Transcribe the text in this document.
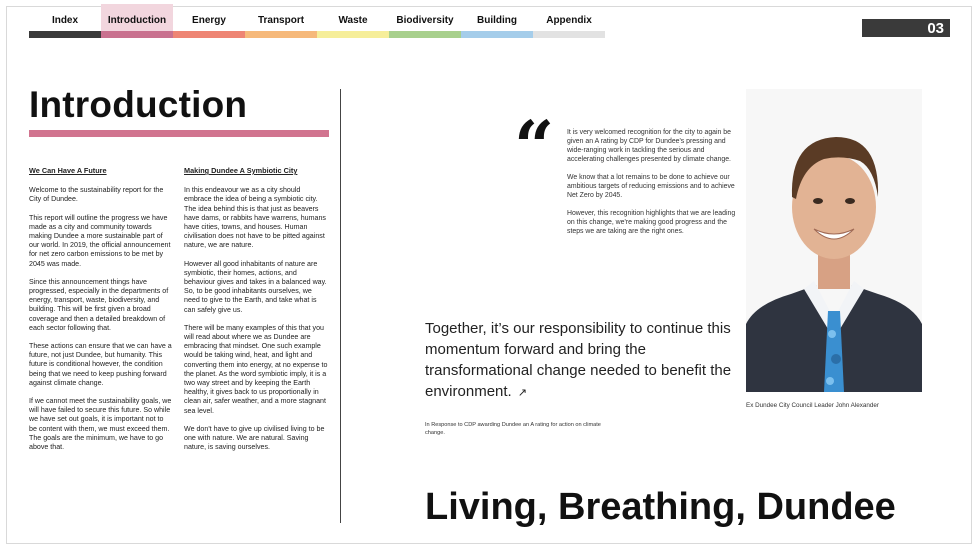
Index	Introduction	Energy	Transport	Waste	Biodiversity	Building	Appendix	03
Introduction
We Can Have A Future

Welcome to the sustainability report for the City of Dundee.

This report will outline the progress we have made as a city and community towards making Dundee a more sustainable part of our world. In 2019, the official announcement for net zero carbon emissions to be met by 2045 was made.

Since this announcement things have progressed, especially in the departments of energy, transport, waste, biodiversity, and building. This will be first given a broad coverage and then a detailed breakdown of each sector following that.

These actions can ensure that we can have a future, not just Dundee, but humanity. This future is conditional however, the condition being that we need to keep pushing forward against climate change.

If we cannot meet the sustainability goals, we will have failed to secure this future. So while we have set out goals, it is important not to be content with them, we must exceed them. The goals are the minimum, we have to go above that.

Making Dundee A Symbiotic City

In this endeavour we as a city should embrace the idea of being a symbiotic city. The idea behind this is that just as beavers have dams, or rabbits have warrens, humans have cities, towns, and houses. Human civilisation does not have to be pitted against nature, we are nature.

However all good inhabitants of nature are symbiotic, their homes, actions, and behaviour gives and takes in a balanced way. So, to be good inhabitants ourselves, we need to give to the Earth, and take what is can safely give us.

There will be many examples of this that you will read about where we as Dundee are embracing that mindset. One such example would be taking wind, heat, and light and converting them into energy, at no expense to the planet. As the word symbiotic imply, it is a two way street and by keeping the Earth healthy, it gives back to us proportionally in clean air, safer weather, and a more stagnant sea level.

We don't have to give up civilised living to be one with nature. We are natural. Saving nature, is saving ourselves.

“ It is very welcomed recognition for the city to again be given an A rating by CDP for Dundee's pressing and wide-ranging work in tackling the serious and accelerating challenges presented by climate change.

We know that a lot remains to be done to achieve our ambitious targets of reducing emissions and to achieve Net Zero by 2045.

However, this recognition highlights that we are leading on this change, we're making good progress and the steps we are taking are the right ones.

Together, it’s our responsibility to continue this momentum forward and bring the transformational change needed to benefit the environment. ↗

In Response to CDP awarding Dundee an A rating for action on climate change.
Ex Dundee City Council Leader John Alexander
Living, Breathing, Dundee
